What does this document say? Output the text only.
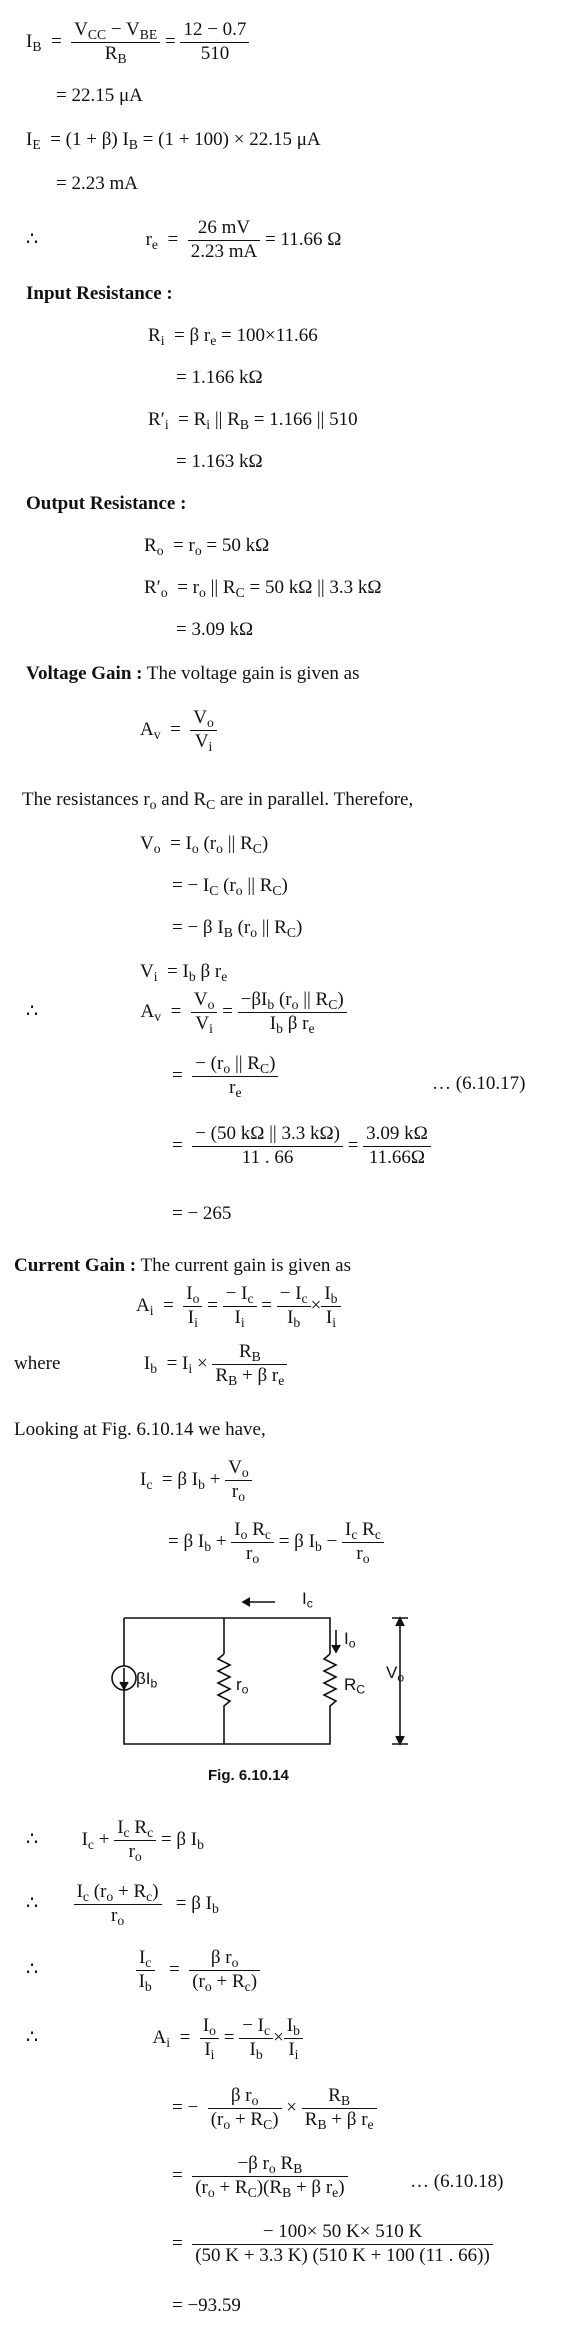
$I_B$ =
$V_{CC} - V_{BE}$
$R_B$
= $\frac{12 - 0.7}{510}$
= 22.15 μA
$I_E = (1 + \beta) I_B = (1 + 100) \times 22.15$ μA
= 2.23 mA
∴	$r_e = \frac{26 mV}{2.23 mA} = 11.66$ Ω
Input Resistance :
$R_i = \beta$ $r_e = 100\times 11.66$
= 1.166 kΩ
$R'_i = R_i$ || $R_B = 1.166$ || 510
= 1.163 kΩ
Output Resistance :
$R_o = r_o = 50$ kΩ
$R'_o = r_o$ || $R_C = 50$ kΩ || 3.3 kΩ
= 3.09 kΩ
Voltage Gain : The voltage gain is given as
$A_v = \frac{V_o}{V_i}$
The resistances $r_o$ and $R_C$ are in parallel. Therefore,
$V_o = I_o$ ($r_o$ || $R_C$)
= − $I_C$ ($r_o$ || $R_C$)
= − β $I_B$ ($r_o$ || $R_C$)
$V_i = I_b$ β $r_e$
∴	$A_v = \frac{V_o}{V_i}$ =
$-\beta I_b$ ($r_o$ || $R_C$)
$I_b$ β $r_e$
= $\frac{- (r_o || R_C)}{r_e}$	… (6.10.17)
= $\frac{- (50 k\Omega || 3.3 k\Omega)}{11 . 66} = \frac{3.09 k\Omega}{11.66\Omega}$
= − 265
Current Gain : The current gain is given as
$A_i = \frac{I_o}{I_i} = \frac{- I_c}{I_i} = \frac{- I_c}{I_b} \times \frac{I_b}{I_i}$
where	$I_b = I_i \times \frac{R_B}{R_B + \beta r_e}$
Looking at Fig. 6.10.14 we have,
$I_c = \beta$ $I_b + \frac{V_o}{r_o}$
= β $I_b + \frac{I_o R_c}{r_o} = \beta$ $I_b - \frac{I_c R_c}{r_o}$
$\beta I_b$	$r_o$	$R_C$
$I_c$
$I_o$
$V_o$
Fig. 6.10.14
∴ $I_c + \frac{I_c R_c}{r_o} = \beta$ $I_b$
∴ $\frac{I_c (r_o + R_c)}{r_o} = \beta$ $I_b$
∴	$\frac{I_c}{I_b} = \frac{\beta r_o}{(r_o + R_c)}$
∴	$A_i = \frac{I_o}{I_i} = \frac{- I_c}{I_b} \times \frac{I_b}{I_i}$
= − $\frac{\beta r_o}{(r_o + R_C)} \times \frac{R_B}{R_B + \beta r_e}$
= $\frac{-\beta r_o R_B}{(r_o + R_C)(R_B + \beta r_e)}$	… (6.10.18)
= $\frac{- 100\times 50 K\times 510 K}{(50 K + 3.3 K) (510 K + 100 (11 . 66))}$
= −93.59
